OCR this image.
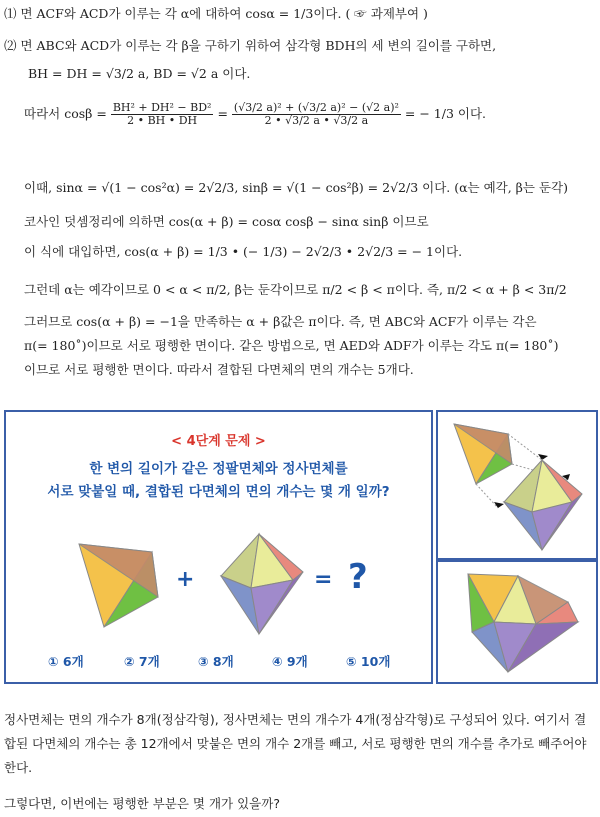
⑴ 면 ACF와 ACD가 이루는 각 α에 대하여 cosα = 1/3이다. ( ☞ 과제부여 )
⑵ 면 ABC와 ACD가 이루는 각 β을 구하기 위하여 삼각형 BDH의 세 변의 길이를 구하면,
BH = DH = √3/2 a, BD = √2 a 이다.
따라서 $\cos\beta = \frac{\text{BH² + DH² − BD²}}{2 • BH • DH} = \frac{\text{(√3/2 a)² + (√3/2 a)² − (√2 a)²}}{2 • √3/2 a • √3/2 a}$ = − 1/3 이다.
이때, sinα = √(1 − cos²α) = 2√2/3, sinβ = √(1 − cos²β) = 2√2/3 이다. (α는 예각, β는 둔각)
코사인 덧셈정리에 의하면 cos(α + β) = cosα cosβ − sinα sinβ 이므로
이 식에 대입하면, cos(α + β) = 1/3 • (− 1/3) − 2√2/3 • 2√2/3 = − 1이다.
그런데 α는 예각이므로 0 < α < π/2, β는 둔각이므로 π/2 < β < π이다. 즉, π/2 < α + β < 3π/2
그러므로 cos(α + β) = −1을 만족하는 α + β값은 π이다. 즉, 면 ABC와 ACF가 이루는 각은
π(= 180˚)이므로 서로 평행한 면이다. 같은 방법으로, 면 AED와 ADF가 이루는 각도 π(= 180˚)
이므로 서로 평행한 면이다. 따라서 결합된 다면체의 면의 개수는 5개다.
< 4단계 문제 >
한 변의 길이가 같은 정팔면체와 정사면체를
서로 맞붙일 때, 결합된 다면체의 면의 개수는 몇 개 일까?
+	= ?
① 6개	② 7개	③ 8개	④ 9개	⑤ 10개
정사면체는 면의 개수가 8개(정삼각형), 정사면체는 면의 개수가 4개(정삼각형)로 구성되어 있다. 여기서 결합된 다면체의 개수는 총 12개에서 맞붙은 면의 개수 2개를 빼고, 서로 평행한 면의 개수를 추가로 빼주어야 한다.
그렇다면, 이번에는 평행한 부분은 몇 개가 있을까?
